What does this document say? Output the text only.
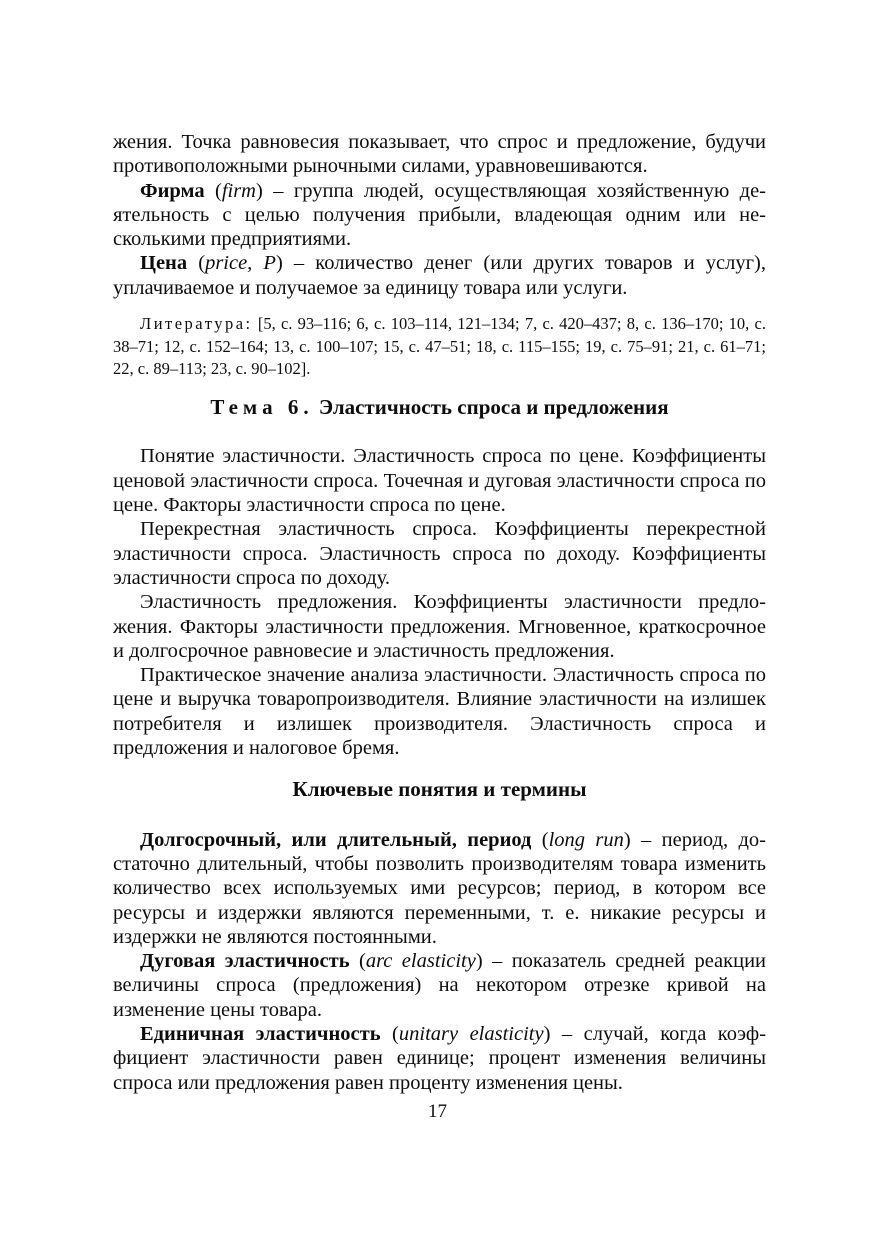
жения. Точка равновесия показывает, что спрос и предложение, будучи противоположными рыночными силами, уравновешиваются.

Фирма (firm) – группа людей, осуществляющая хозяйственную деятельность с целью получения прибыли, владеющая одним или несколькими предприятиями.

Цена (price, P) – количество денег (или других товаров и услуг), уплачиваемое и получаемое за единицу товара или услуги.

Литература: [5, с. 93–116; 6, с. 103–114, 121–134; 7, с. 420–437; 8, с. 136–170; 10, с. 38–71; 12, с. 152–164; 13, с. 100–107; 15, с. 47–51; 18, с. 115–155; 19, с. 75–91; 21, с. 61–71; 22, с. 89–113; 23, с. 90–102].

Тема 6. Эластичность спроса и предложения

Понятие эластичности. Эластичность спроса по цене. Коэффициенты ценовой эластичности спроса. Точечная и дуговая эластичности спроса по цене. Факторы эластичности спроса по цене.

Перекрестная эластичность спроса. Коэффициенты перекрестной эластичности спроса. Эластичность спроса по доходу. Коэффициенты эластичности спроса по доходу.

Эластичность предложения. Коэффициенты эластичности предложения. Факторы эластичности предложения. Мгновенное, краткосрочное и долгосрочное равновесие и эластичность предложения.

Практическое значение анализа эластичности. Эластичность спроса по цене и выручка товаропроизводителя. Влияние эластичности на излишек потребителя и излишек производителя. Эластичность спроса и предложения и налоговое бремя.

Ключевые понятия и термины

Долгосрочный, или длительный, период (long run) – период, достаточно длительный, чтобы позволить производителям товара изменить количество всех используемых ими ресурсов; период, в котором все ресурсы и издержки являются переменными, т. е. никакие ресурсы и издержки не являются постоянными.

Дуговая эластичность (arc elasticity) – показатель средней реакции величины спроса (предложения) на некотором отрезке кривой на изменение цены товара.

Единичная эластичность (unitary elasticity) – случай, когда коэффициент эластичности равен единице; процент изменения величины спроса или предложения равен проценту изменения цены.

17
